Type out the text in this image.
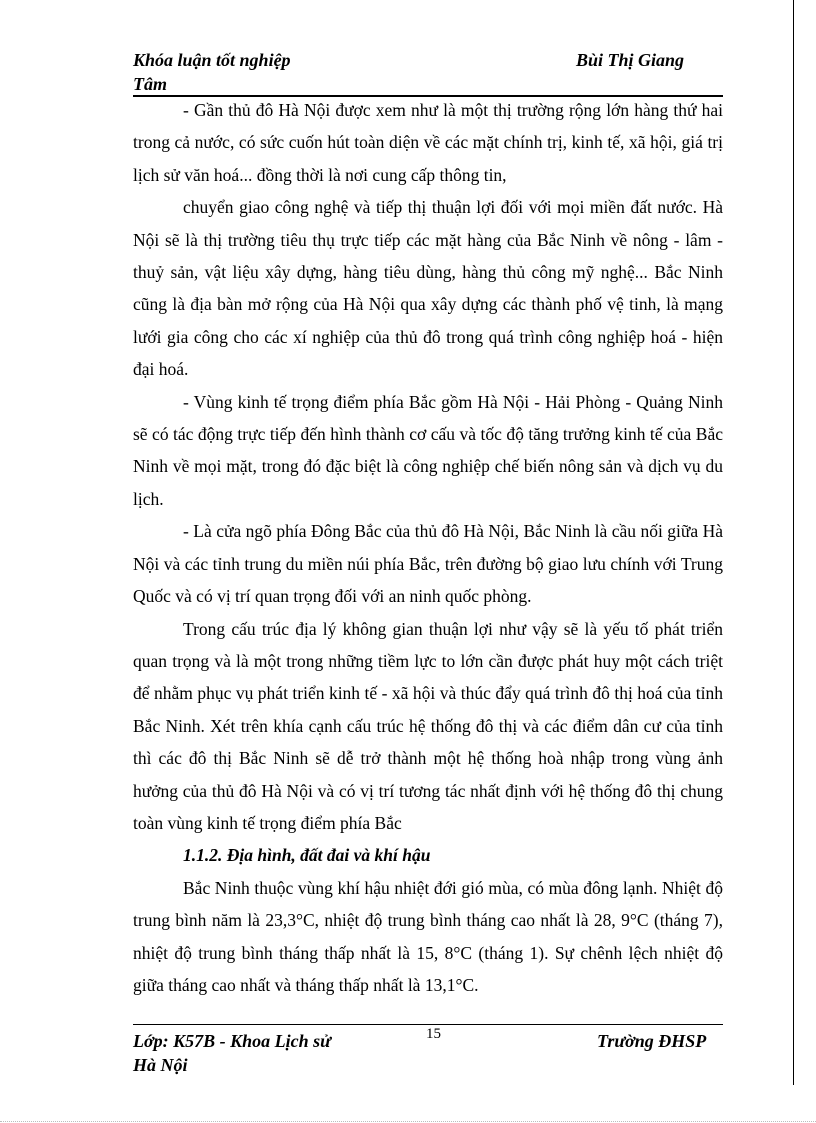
Khóa luận tốt nghiệp	Bùi Thị Giang
Tâm

- Gần thủ đô Hà Nội được xem như là một thị trường rộng lớn hàng thứ hai trong cả nước, có sức cuốn hút toàn diện về các mặt chính trị, kinh tế, xã hội, giá trị lịch sử văn hoá... đồng thời là nơi cung cấp thông tin,

chuyển giao công nghệ và tiếp thị thuận lợi đối với mọi miền đất nước. Hà Nội sẽ là thị trường tiêu thụ trực tiếp các mặt hàng của Bắc Ninh về nông - lâm - thuỷ sản, vật liệu xây dựng, hàng tiêu dùng, hàng thủ công mỹ nghệ... Bắc Ninh cũng là địa bàn mở rộng của Hà Nội qua xây dựng các thành phố vệ tinh, là mạng lưới gia công cho các xí nghiệp của thủ đô trong quá trình công nghiệp hoá - hiện đại hoá.

- Vùng kinh tế trọng điểm phía Bắc gồm Hà Nội - Hải Phòng - Quảng Ninh sẽ có tác động trực tiếp đến hình thành cơ cấu và tốc độ tăng trưởng kinh tế của Bắc Ninh về mọi mặt, trong đó đặc biệt là công nghiệp chế biến nông sản và dịch vụ du lịch.

- Là cửa ngõ phía Đông Bắc của thủ đô Hà Nội, Bắc Ninh là cầu nối giữa Hà Nội và các tỉnh trung du miền núi phía Bắc, trên đường bộ giao lưu chính với Trung Quốc và có vị trí quan trọng đối với an ninh quốc phòng.

Trong cấu trúc địa lý không gian thuận lợi như vậy sẽ là yếu tố phát triển quan trọng và là một trong những tiềm lực to lớn cần được phát huy một cách triệt để nhằm phục vụ phát triển kinh tế - xã hội và thúc đẩy quá trình đô thị hoá của tỉnh Bắc Ninh. Xét trên khía cạnh cấu trúc hệ thống đô thị và các điểm dân cư của tỉnh thì các đô thị Bắc Ninh sẽ dễ trở thành một hệ thống hoà nhập trong vùng ảnh hưởng của thủ đô Hà Nội và có vị trí tương tác nhất định với hệ thống đô thị chung toàn vùng kinh tế trọng điểm phía Bắc

1.1.2. Địa hình, đất đai và khí hậu

Bắc Ninh thuộc vùng khí hậu nhiệt đới gió mùa, có mùa đông lạnh. Nhiệt độ trung bình năm là 23,3°C, nhiệt độ trung bình tháng cao nhất là 28, 9°C (tháng 7), nhiệt độ trung bình tháng thấp nhất là 15, 8°C (tháng 1). Sự chênh lệch nhiệt độ giữa tháng cao nhất và tháng thấp nhất là 13,1°C.

Lớp: K57B - Khoa Lịch sử	15	Trường ĐHSP
Hà Nội
